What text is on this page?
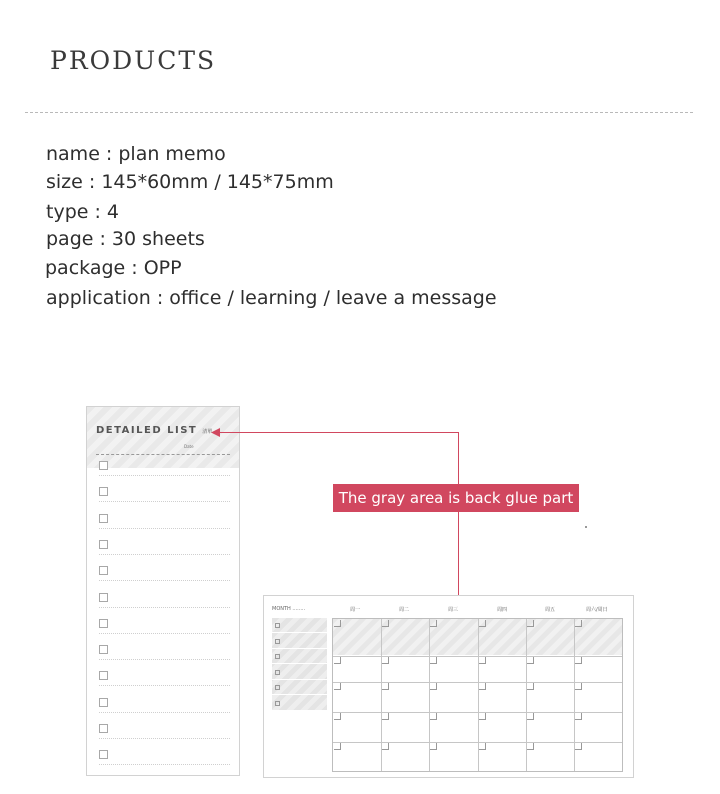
PRODUCTS
name : plan memo
size : 145*60mm / 145*75mm
type : 4
page : 30 sheets
package : OPP
application : office / learning / leave a message
DETAILED LIST 清單
Date
The gray area is back glue part
MONTH ........	周一	周二	周三	周四	周五	周六/周日
